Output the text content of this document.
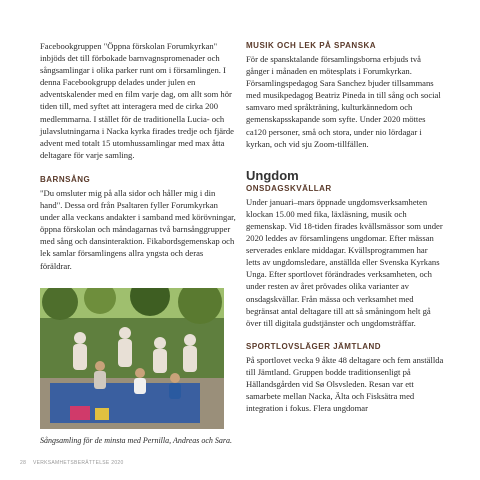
Facebookgruppen "Öppna förskolan Forumkyrkan" inbjöds det till förbokade barnvagnspromenader och sångsamlingar i olika parker runt om i församlingen. I denna Facebookgrupp delades under julen en adventskalender med en film varje dag, om allt som hör tiden till, med syftet att interagera med de cirka 200 medlemmarna. I stället för de traditionella Lucia- och julavslutningarna i Nacka kyrka firades tredje och fjärde advent med totalt 15 utomhussamlingar med max åtta deltagare för varje samling.

BARNSÅNG

"Du omsluter mig på alla sidor och håller mig i din hand". Dessa ord från Psaltaren fyller Forumkyrkan under alla veckans andakter i samband med körövningar, öppna förskolan och måndagarnas två barnsånggrupper med sång och dansinteraktion. Fikabordsgemenskap och lek samlar församlingens allra yngsta och deras föräldrar.

Sångsamling för de minsta med Pernilla, Andreas och Sara.
MUSIK OCH LEK PÅ SPANSKA

För de spansktalande församlingsborna erbjuds två gånger i månaden en mötesplats i Forumkyrkan. Församlingspedagog Sara Sanchez bjuder tillsammans med musikpedagog Beatriz Pineda in till sång och social samvaro med språkträning, kulturkännedom och gemenskapsskapande som syfte. Under 2020 möttes ca120 personer, små och stora, under nio lördagar i kyrkan, och vid sju Zoom-tillfällen.

Ungdom
ONSDAGSKVÄLLAR

Under januari–mars öppnade ungdomsverksamheten klockan 15.00 med fika, läxläsning, musik och gemenskap. Vid 18-tiden firades kvällsmässor som under 2020 leddes av församlingens ungdomar. Efter mässan serverades enklare middagar. Kvällsprogrammen har letts av ungdomsledare, anställda eller Svenska Kyrkans Unga. Efter sportlovet förändrades verksamheten, och under resten av året prövades olika varianter av onsdagskvällar. Från mässa och verksamhet med begränsat antal deltagare till att så småningom helt gå över till digitala gudstjänster och ungdomsträffar.

SPORTLOVSLÄGER JÄMTLAND

På sportlovet vecka 9 åkte 48 deltagare och fem anställda till Jämtland. Gruppen bodde traditionsenligt på Hällandsgården vid Sø Olsvsleden. Resan var ett samarbete mellan Nacka, Älta och Fisksätra med integration i fokus. Flera ungdomar

28 VERKSAMHETSBERÄTTELSE 2020
